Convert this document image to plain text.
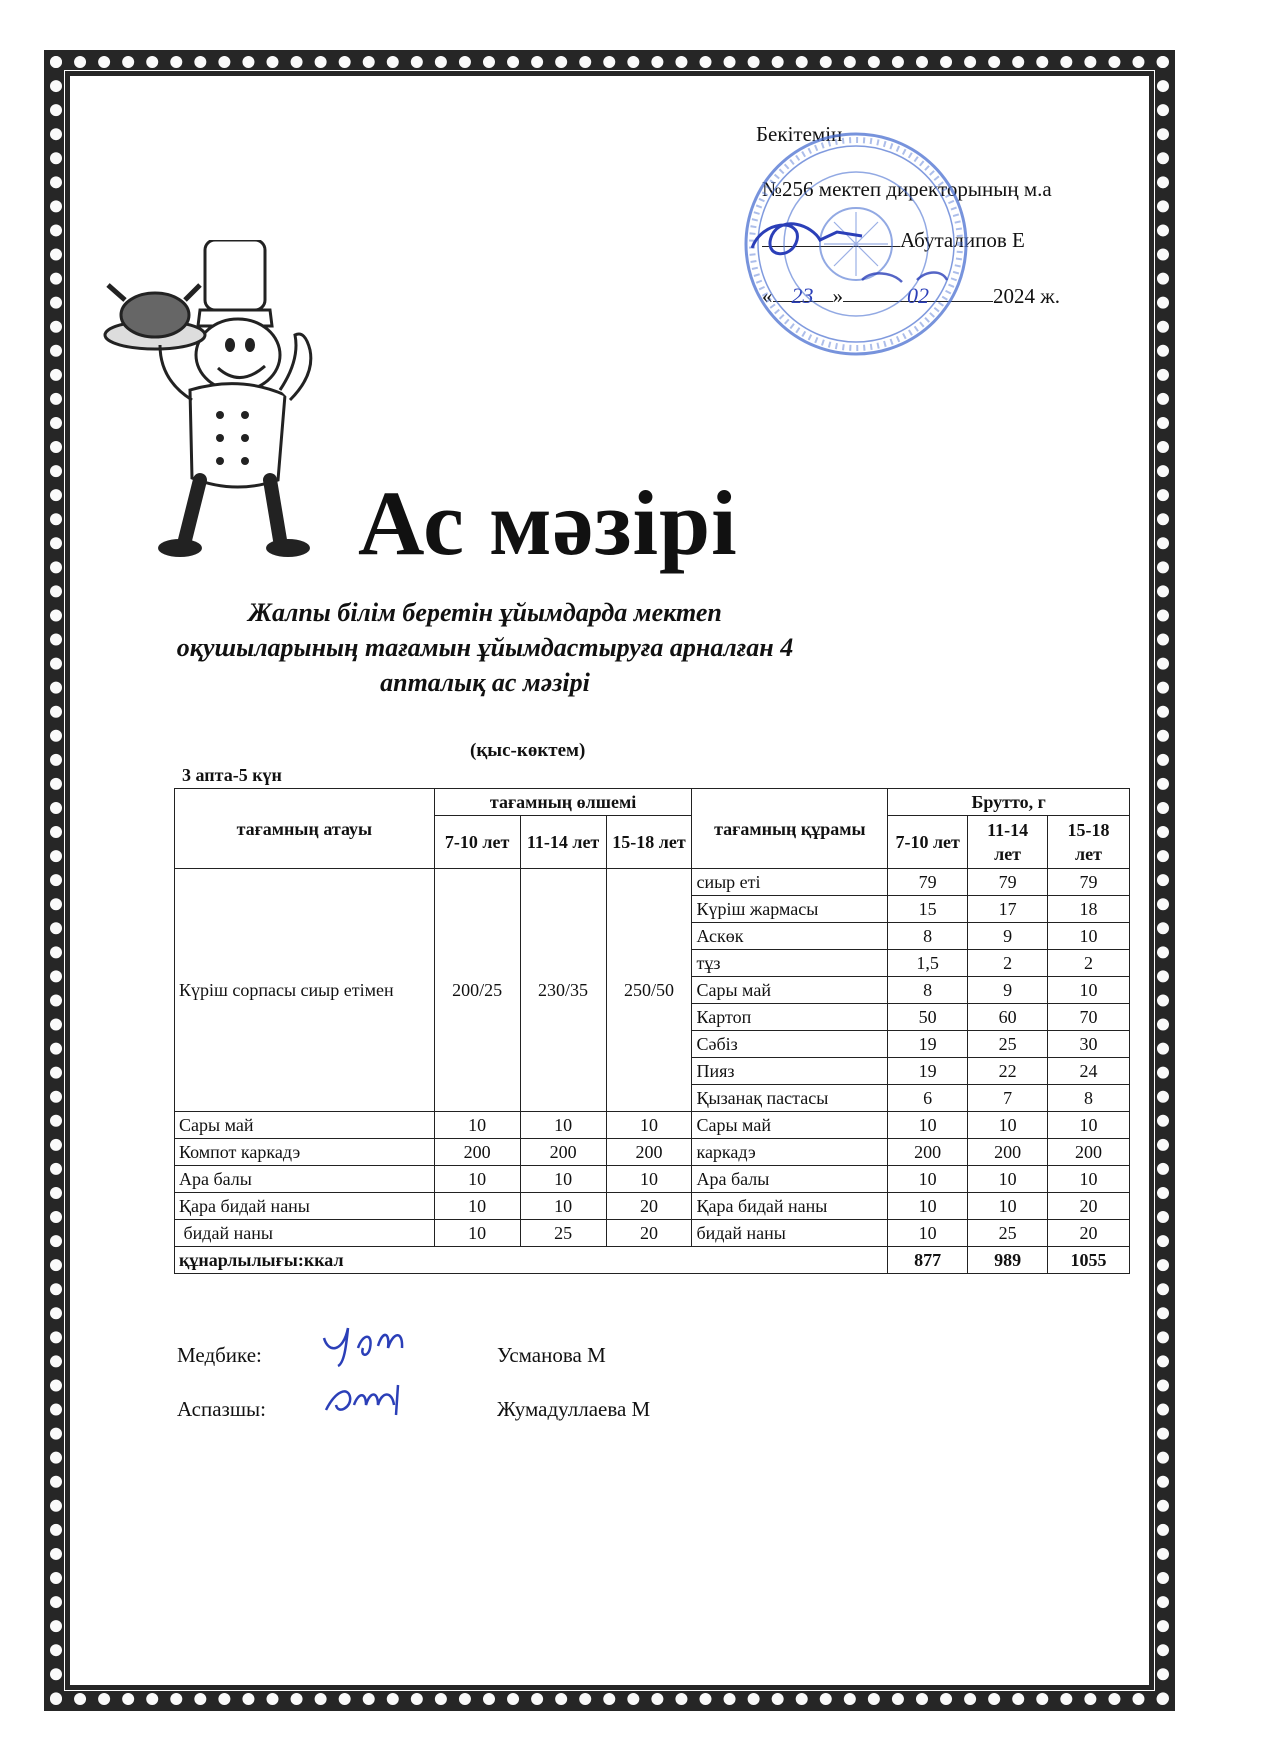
Бекітемін
№256 мектеп директорының м.а
Абуталипов Е
« 23 »	02	2024 ж.
Ас мәзірі
Жалпы білім беретін ұйымдарда мектеп оқушыларының тағамын ұйымдастыруға арналған 4 апталық ас мәзірі
(қыс-көктем)
3 апта-5 күн
тағамның атауы	тағамның өлшемі			тағамның құрамы	Брутто, г		
	7-10 лет	11-14 лет	15-18 лет		7-10 лет	11-14 лет	15-18 лет
Күріш сорпасы сиыр етімен	200/25	230/35	250/50	сиыр еті	79	79	79
				Күріш жармасы	15	17	18
				Аскөк	8	9	10
				тұз	1,5	2	2
				Сары май	8	9	10
				Картоп	50	60	70
				Сәбіз	19	25	30
				Пияз	19	22	24
				Қызанақ пастасы	6	7	8
Сары май	10	10	10	Сары май	10	10	10
Компот каркадэ	200	200	200	каркадэ	200	200	200
Ара балы	10	10	10	Ара балы	10	10	10
Қара бидай наны	10	10	20	Қара бидай наны	10	10	20
бидай наны	10	25	20	бидай наны	10	25	20
құнарлылығы:ккал					877	989	1055
Медбике:	Усманова М
Аспазшы:	Жумадуллаева М
